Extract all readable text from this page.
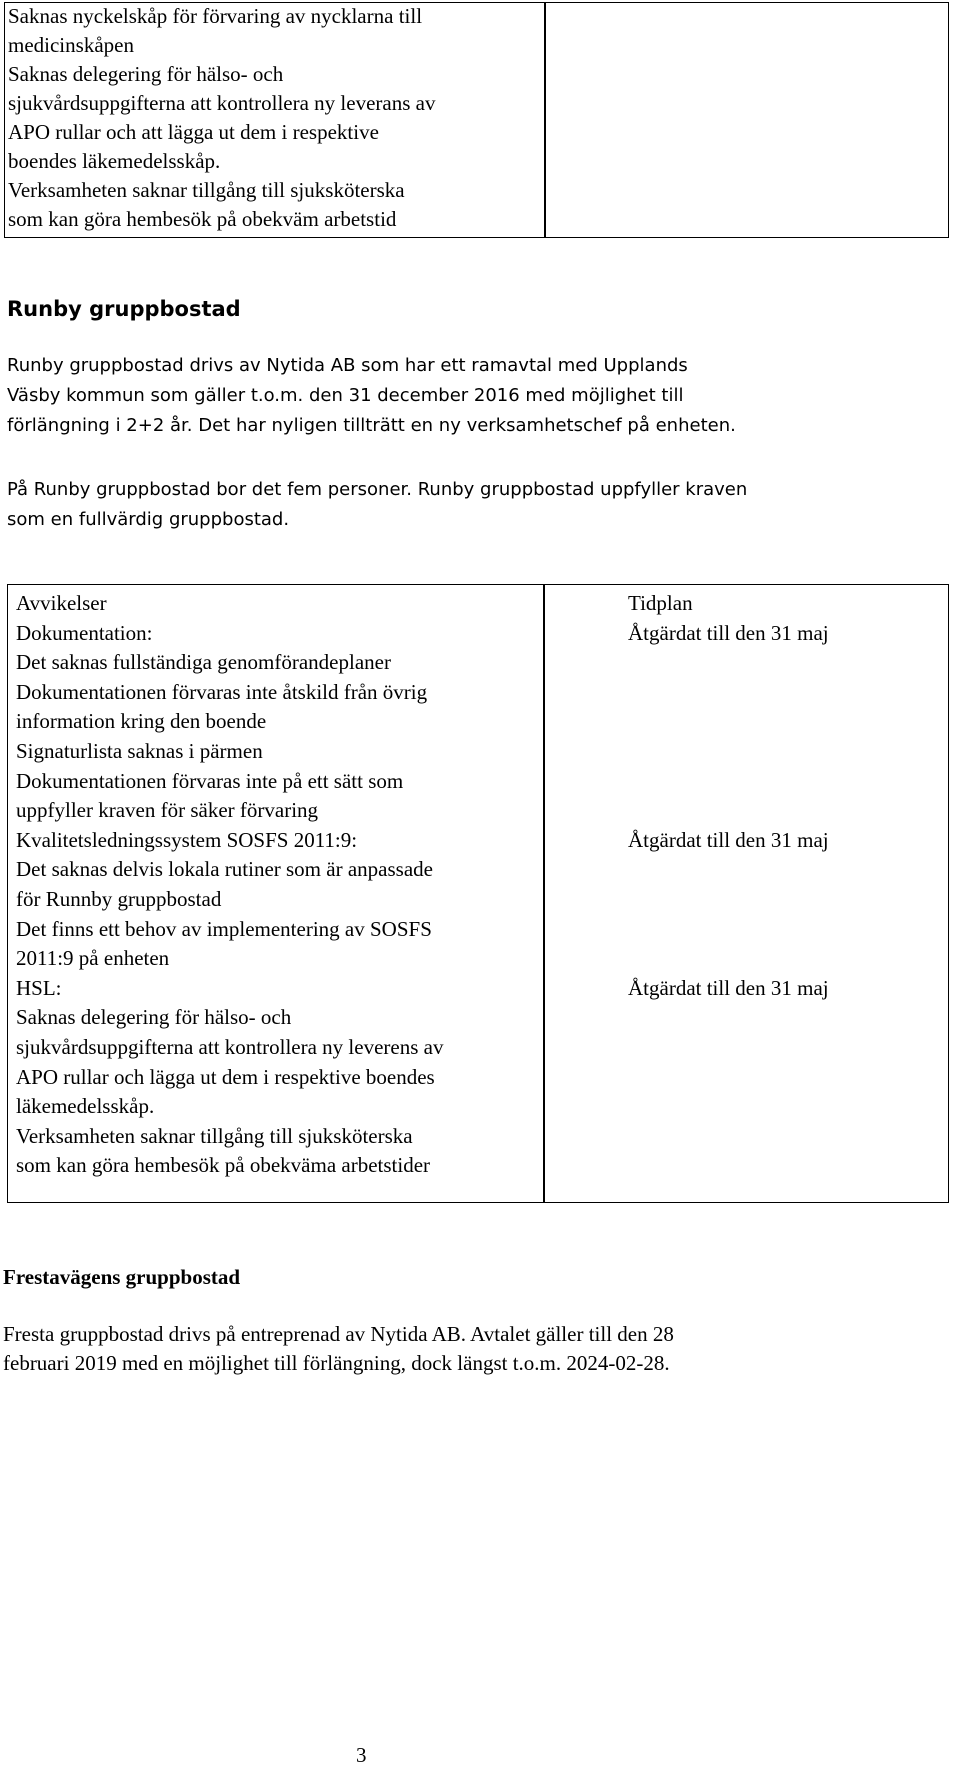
Saknas nyckelskåp för förvaring av nycklarna till
medicinskåpen
Saknas delegering för hälso- och
sjukvårdsuppgifterna att kontrollera ny leverans av
APO rullar och att lägga ut dem i respektive
boendes läkemedelsskåp.
Verksamheten saknar tillgång till sjuksköterska
som kan göra hembesök på obekväm arbetstid
Runby gruppbostad
Runby gruppbostad drivs av Nytida AB som har ett ramavtal med Upplands
Väsby kommun som gäller t.o.m. den 31 december 2016 med möjlighet till
förlängning i 2+2 år. Det har nyligen tillträtt en ny verksamhetschef på enheten.
På Runby gruppbostad bor det fem personer. Runby gruppbostad uppfyller kraven
som en fullvärdig gruppbostad.
Avvikelser
Dokumentation:
Det saknas fullständiga genomförandeplaner
Dokumentationen förvaras inte åtskild från övrig
information kring den boende
Signaturlista saknas i pärmen
Dokumentationen förvaras inte på ett sätt som
uppfyller kraven för säker förvaring
Kvalitetsledningssystem SOSFS 2011:9:
Det saknas delvis lokala rutiner som är anpassade
för Runnby gruppbostad
Det finns ett behov av implementering av SOSFS
2011:9 på enheten
HSL:
Saknas delegering för hälso- och
sjukvårdsuppgifterna att kontrollera ny leverens av
APO rullar och lägga ut dem i respektive boendes
läkemedelsskåp.
Verksamheten saknar tillgång till sjuksköterska
som kan göra hembesök på obekväma arbetstider
Tidplan
Åtgärdat till den 31 maj
Åtgärdat till den 31 maj
Åtgärdat till den 31 maj
Frestavägens gruppbostad
Fresta gruppbostad drivs på entreprenad av Nytida AB. Avtalet gäller till den 28
februari 2019 med en möjlighet till förlängning, dock längst t.o.m. 2024-02-28.
3
